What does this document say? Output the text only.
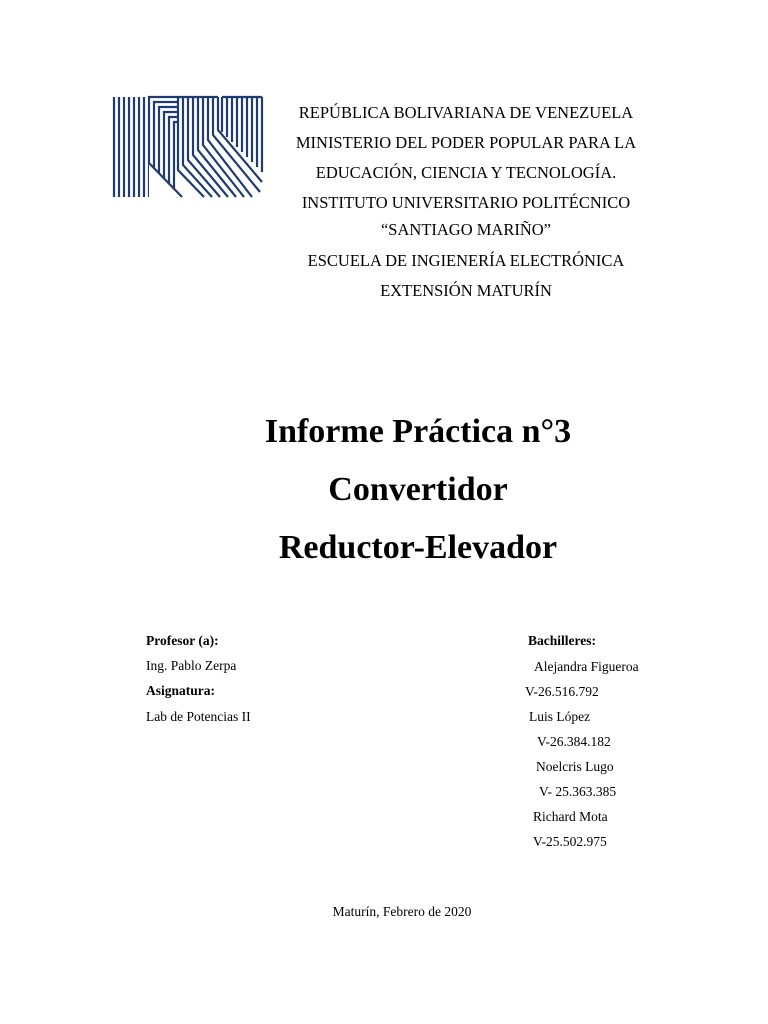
REPÚBLICA BOLIVARIANA DE VENEZUELA
MINISTERIO DEL PODER POPULAR PARA LA
EDUCACIÓN, CIENCIA Y TECNOLOGÍA.
INSTITUTO UNIVERSITARIO POLITÉCNICO
“SANTIAGO MARIÑO”
ESCUELA DE INGIENERÍA ELECTRÓNICA
EXTENSIÓN MATURÍN
Informe Práctica n°3
Convertidor
Reductor-Elevador
Profesor (a):
Ing. Pablo Zerpa
Asignatura:
Lab de Potencias II
Bachilleres:
Alejandra Figueroa
V-26.516.792
Luis López
V-26.384.182
Noelcris Lugo
V- 25.363.385
Richard Mota
V-25.502.975
Maturín, Febrero de 2020
